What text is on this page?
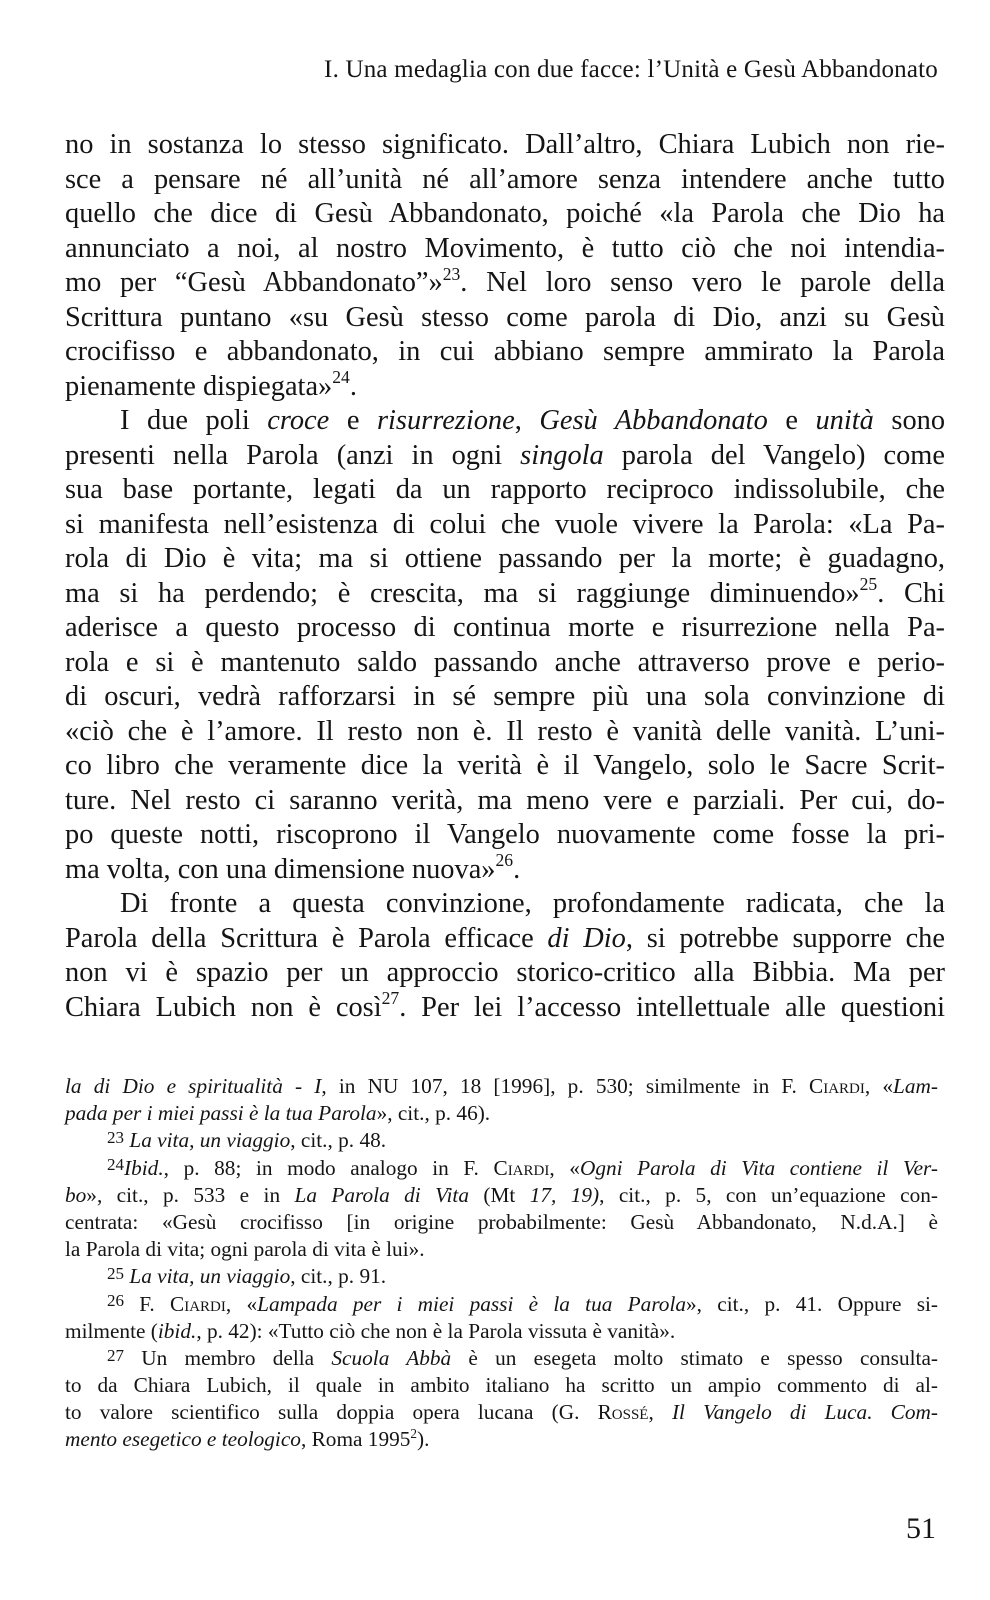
I. Una medaglia con due facce: l’Unità e Gesù Abbandonato
no in sostanza lo stesso significato. Dall’altro, Chiara Lubich non rie-
sce a pensare né all’unità né all’amore senza intendere anche tutto
quello che dice di Gesù Abbandonato, poiché «la Parola che Dio ha
annunciato a noi, al nostro Movimento, è tutto ciò che noi intendia-
mo per “Gesù Abbandonato”»$^{23}$. Nel loro senso vero le parole della
Scrittura puntano «su Gesù stesso come parola di Dio, anzi su Gesù
crocifisso e abbandonato, in cui abbiano sempre ammirato la Parola
pienamente dispiegata»$^{24}$.
I due poli croce e risurrezione, Gesù Abbandonato e unità sono
presenti nella Parola (anzi in ogni singola parola del Vangelo) come
sua base portante, legati da un rapporto reciproco indissolubile, che
si manifesta nell’esistenza di colui che vuole vivere la Parola: «La Pa-
rola di Dio è vita; ma si ottiene passando per la morte; è guadagno,
ma si ha perdendo; è crescita, ma si raggiunge diminuendo»$^{25}$. Chi
aderisce a questo processo di continua morte e risurrezione nella Pa-
rola e si è mantenuto saldo passando anche attraverso prove e perio-
di oscuri, vedrà rafforzarsi in sé sempre più una sola convinzione di
«ciò che è l’amore. Il resto non è. Il resto è vanità delle vanità. L’uni-
co libro che veramente dice la verità è il Vangelo, solo le Sacre Scrit-
ture. Nel resto ci saranno verità, ma meno vere e parziali. Per cui, do-
po queste notti, riscoprono il Vangelo nuovamente come fosse la pri-
ma volta, con una dimensione nuova»$^{26}$.
Di fronte a questa convinzione, profondamente radicata, che la
Parola della Scrittura è Parola efficace di Dio, si potrebbe supporre che
non vi è spazio per un approccio storico-critico alla Bibbia. Ma per
Chiara Lubich non è così$^{27}$. Per lei l’accesso intellettuale alle questioni
la di Dio e spiritualità - I, in NU 107, 18 [1996], p. 530; similmente in F. Ciardi, «Lam-
pada per i miei passi è la tua Parola», cit., p. 46).
23 La vita, un viaggio, cit., p. 48.
24Ibid., p. 88; in modo analogo in F. Ciardi, «Ogni Parola di Vita contiene il Ver-
bo», cit., p. 533 e in La Parola di Vita (Mt 17, 19), cit., p. 5, con un’equazione con-
centrata: «Gesù crocifisso [in origine probabilmente: Gesù Abbandonato, N.d.A.] è
la Parola di vita; ogni parola di vita è lui».
25 La vita, un viaggio, cit., p. 91.
26 F. Ciardi, «Lampada per i miei passi è la tua Parola», cit., p. 41. Oppure si-
milmente (ibid., p. 42): «Tutto ciò che non è la Parola vissuta è vanità».
27 Un membro della Scuola Abbà è un esegeta molto stimato e spesso consulta-
to da Chiara Lubich, il quale in ambito italiano ha scritto un ampio commento di al-
to valore scientifico sulla doppia opera lucana (G. Rossé, Il Vangelo di Luca. Com-
mento esegetico e teologico, Roma 1995$^2$).
51
